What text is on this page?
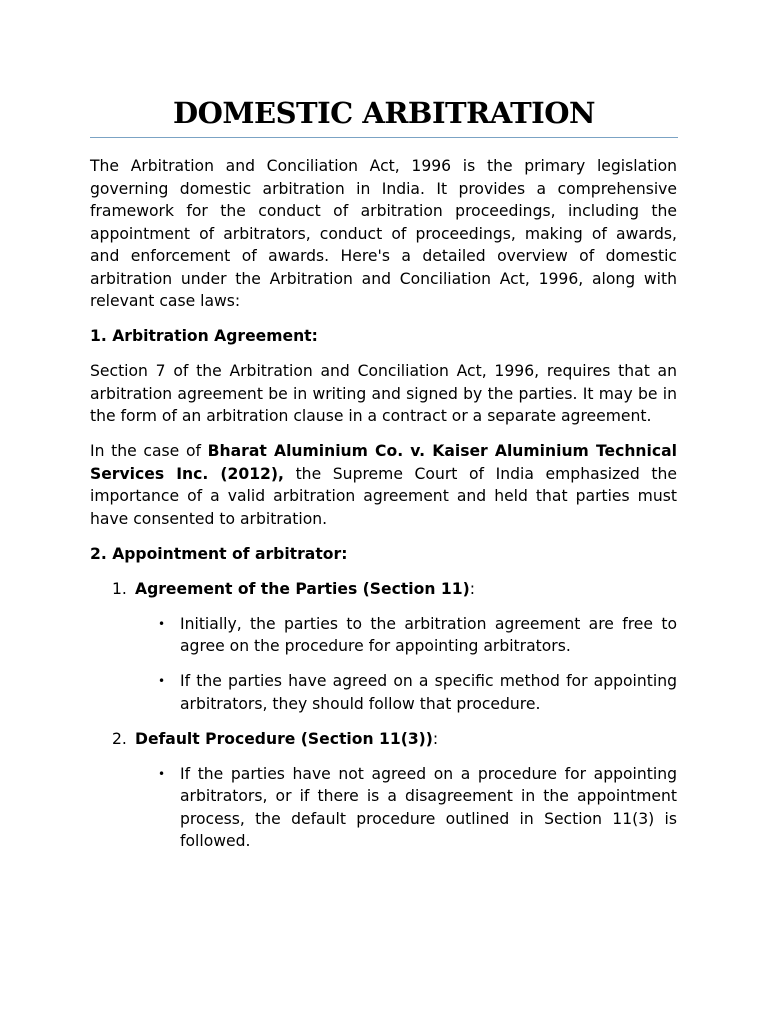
DOMESTIC ARBITRATION

The Arbitration and Conciliation Act, 1996 is the primary legislation governing domestic arbitration in India. It provides a comprehensive framework for the conduct of arbitration proceedings, including the appointment of arbitrators, conduct of proceedings, making of awards, and enforcement of awards. Here's a detailed overview of domestic arbitration under the Arbitration and Conciliation Act, 1996, along with relevant case laws:

1. Arbitration Agreement:

Section 7 of the Arbitration and Conciliation Act, 1996, requires that an arbitration agreement be in writing and signed by the parties. It may be in the form of an arbitration clause in a contract or a separate agreement.

In the case of Bharat Aluminium Co. v. Kaiser Aluminium Technical Services Inc. (2012), the Supreme Court of India emphasized the importance of a valid arbitration agreement and held that parties must have consented to arbitration.

2. Appointment of arbitrator:

1. Agreement of the Parties (Section 11):
• Initially, the parties to the arbitration agreement are free to agree on the procedure for appointing arbitrators.
• If the parties have agreed on a specific method for appointing arbitrators, they should follow that procedure.
2. Default Procedure (Section 11(3)):
• If the parties have not agreed on a procedure for appointing arbitrators, or if there is a disagreement in the appointment process, the default procedure outlined in Section 11(3) is followed.
